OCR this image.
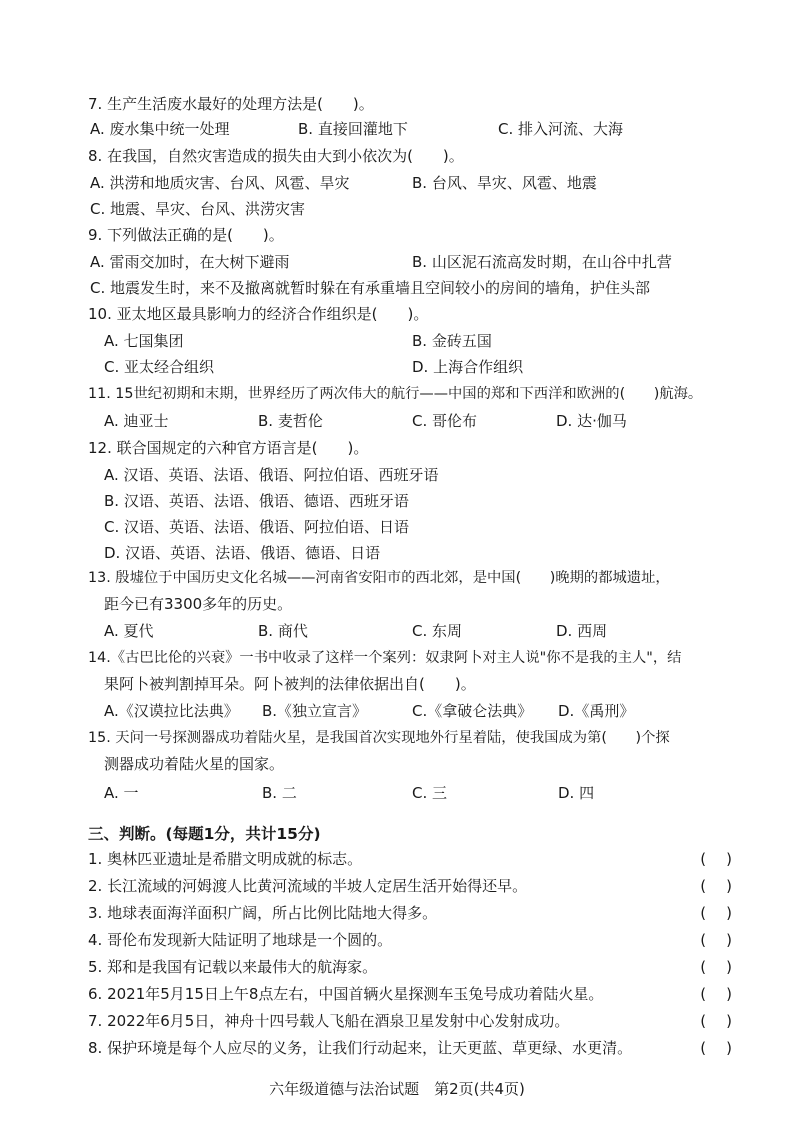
7. 生产生活废水最好的处理方法是(　　)。
A. 废水集中统一处理	B. 直接回灌地下	C. 排入河流、大海
8. 在我国，自然灾害造成的损失由大到小依次为(　　)。
A. 洪涝和地质灾害、台风、风雹、旱灾	B. 台风、旱灾、风雹、地震
C. 地震、旱灾、台风、洪涝灾害
9. 下列做法正确的是(　　)。
A. 雷雨交加时，在大树下避雨	B. 山区泥石流高发时期，在山谷中扎营
C. 地震发生时，来不及撤离就暂时躲在有承重墙且空间较小的房间的墙角，护住头部
10. 亚太地区最具影响力的经济合作组织是(　　)。
A. 七国集团	B. 金砖五国
C. 亚太经合组织	D. 上海合作组织
11. 15世纪初期和末期，世界经历了两次伟大的航行——中国的郑和下西洋和欧洲的(　　)航海。
A. 迪亚士	B. 麦哲伦	C. 哥伦布	D. 达·伽马
12. 联合国规定的六种官方语言是(　　)。
A. 汉语、英语、法语、俄语、阿拉伯语、西班牙语
B. 汉语、英语、法语、俄语、德语、西班牙语
C. 汉语、英语、法语、俄语、阿拉伯语、日语
D. 汉语、英语、法语、俄语、德语、日语
13. 殷墟位于中国历史文化名城——河南省安阳市的西北郊，是中国(　　)晚期的都城遗址，
距今已有3300多年的历史。
A. 夏代	B. 商代	C. 东周	D. 西周
14.《古巴比伦的兴衰》一书中收录了这样一个案列：奴隶阿卜对主人说"你不是我的主人"，结
果阿卜被判割掉耳朵。阿卜被判的法律依据出自(　　)。
A.《汉谟拉比法典》 B.《独立宣言》	C.《拿破仑法典》 D.《禹刑》
15. 天问一号探测器成功着陆火星，是我国首次实现地外行星着陆，使我国成为第(　　)个探
测器成功着陆火星的国家。
A. 一	B. 二	C. 三	D. 四
三、判断。(每题1分，共计15分)
1. 奥林匹亚遗址是希腊文明成就的标志。	()
2. 长江流域的河姆渡人比黄河流域的半坡人定居生活开始得还早。	()
3. 地球表面海洋面积广阔，所占比例比陆地大得多。	()
4. 哥伦布发现新大陆证明了地球是一个圆的。	()
5. 郑和是我国有记载以来最伟大的航海家。	()
6. 2021年5月15日上午8点左右，中国首辆火星探测车玉兔号成功着陆火星。	()
7. 2022年6月5日，神舟十四号载人飞船在酒泉卫星发射中心发射成功。	()
8. 保护环境是每个人应尽的义务，让我们行动起来，让天更蓝、草更绿、水更清。	()
六年级道德与法治试题　第2页(共4页)
